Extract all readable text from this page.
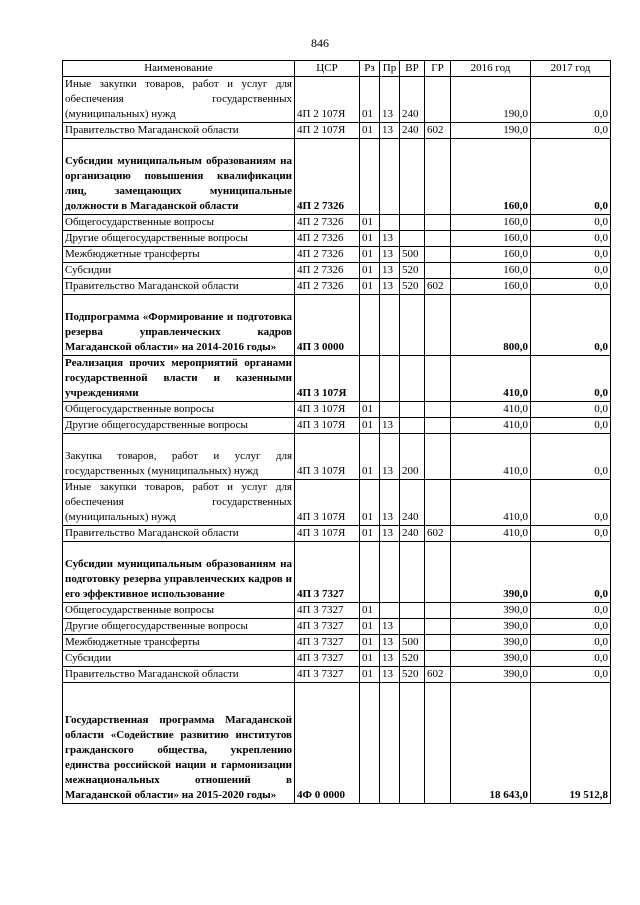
846
Наименование	ЦСР	Рз	Пр	ВР	ГР	2016 год	2017 год
Иные закупки товаров, работ и услуг для обеспечения государственных (муниципальных) нужд	4П 2 107Я	01	13	240		190,0	0,0
Правительство Магаданской области	4П 2 107Я	01	13	240	602	190,0	0,0
Субсидии муниципальным образованиям на организацию повышения квалификации лиц, замещающих муниципальные должности в Магаданской области	4П 2 7326					160,0	0,0
Общегосударственные вопросы	4П 2 7326	01				160,0	0,0
Другие общегосударственные вопросы	4П 2 7326	01	13			160,0	0,0
Межбюджетные трансферты	4П 2 7326	01	13	500		160,0	0,0
Субсидии	4П 2 7326	01	13	520		160,0	0,0
Правительство Магаданской области	4П 2 7326	01	13	520	602	160,0	0,0
Подпрограмма «Формирование и подготовка резерва управленческих кадров Магаданской области» на 2014-2016 годы»	4П 3 0000					800,0	0,0
Реализация прочих мероприятий органами государственной власти и казенными учреждениями	4П 3 107Я					410,0	0,0
Общегосударственные вопросы	4П 3 107Я	01				410,0	0,0
Другие общегосударственные вопросы	4П 3 107Я	01	13			410,0	0,0
Закупка товаров, работ и услуг для государственных (муниципальных) нужд	4П 3 107Я	01	13	200		410,0	0,0
Иные закупки товаров, работ и услуг для обеспечения государственных (муниципальных) нужд	4П 3 107Я	01	13	240		410,0	0,0
Правительство Магаданской области	4П 3 107Я	01	13	240	602	410,0	0,0
Субсидии муниципальным образованиям на подготовку резерва управленческих кадров и его эффективное использование	4П 3 7327					390,0	0,0
Общегосударственные вопросы	4П 3 7327	01				390,0	0,0
Другие общегосударственные вопросы	4П 3 7327	01	13			390,0	0,0
Межбюджетные трансферты	4П 3 7327	01	13	500		390,0	0,0
Субсидии	4П 3 7327	01	13	520		390,0	0,0
Правительство Магаданской области	4П 3 7327	01	13	520	602	390,0	0,0
Государственная программа Магаданской области «Содействие развитию институтов гражданского общества, укреплению единства российской нации и гармонизации межнациональных отношений в Магаданской области» на 2015-2020 годы»	4Ф 0 0000					18 643,0	19 512,8
